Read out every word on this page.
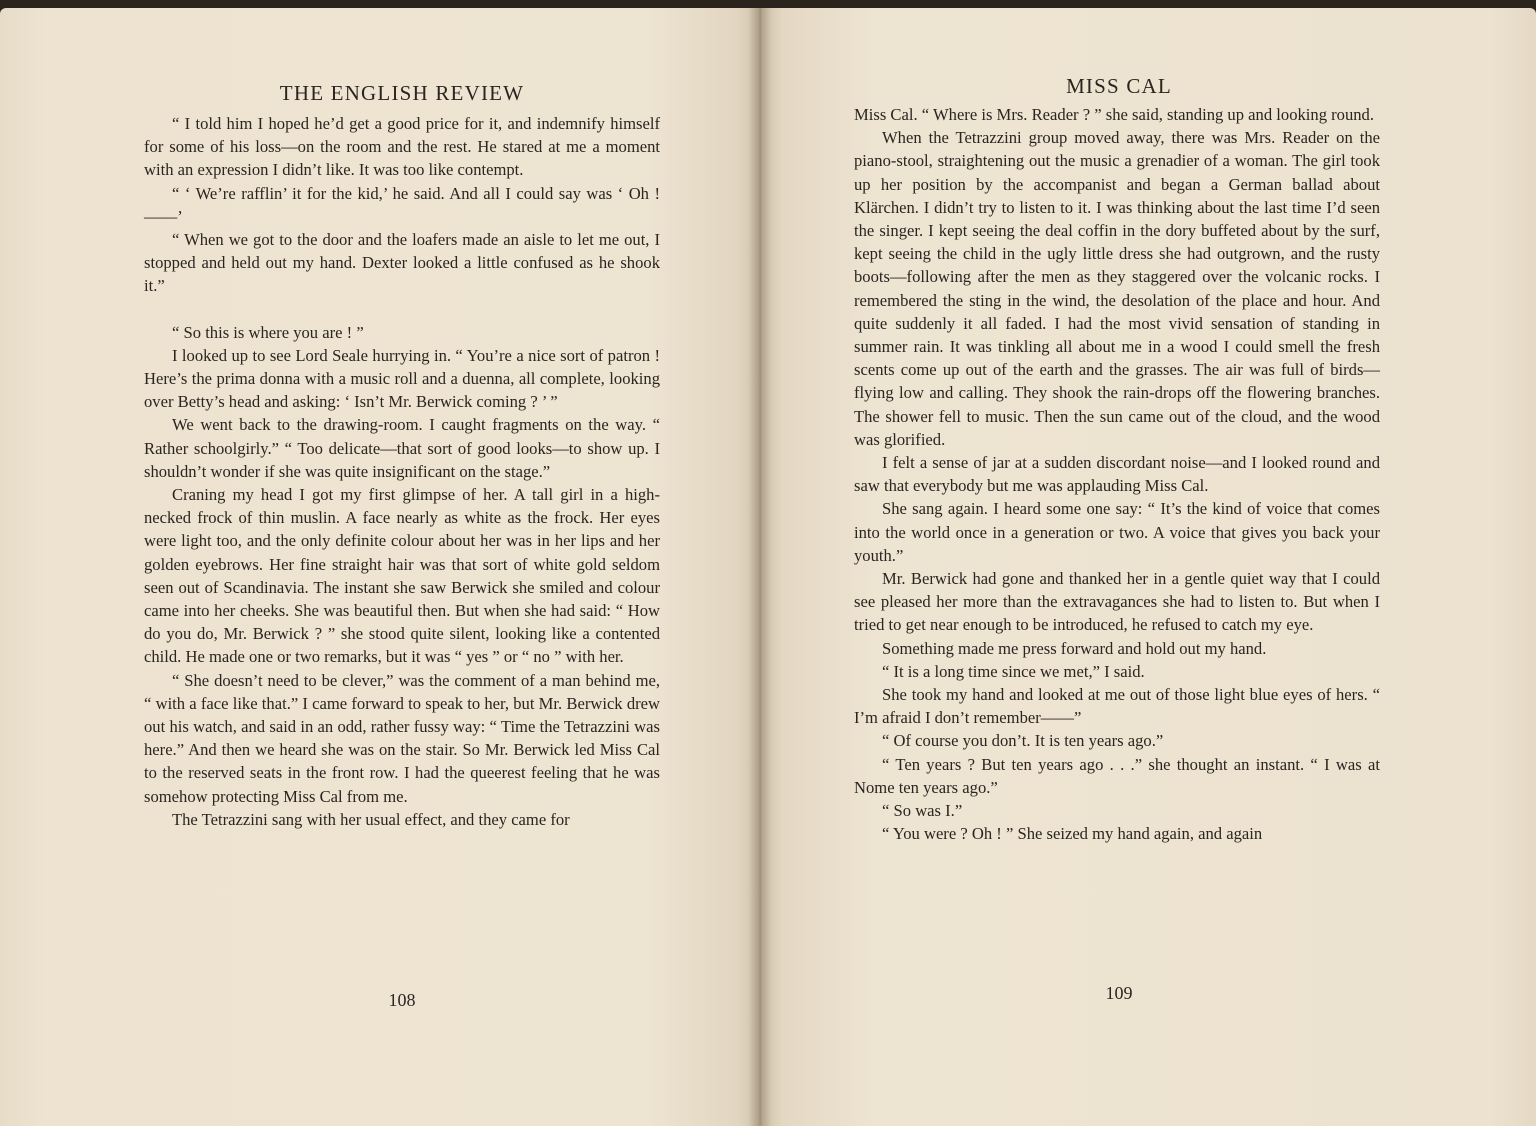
THE ENGLISH REVIEW

“ I told him I hoped he’d get a good price for it, and indemnify himself for some of his loss—on the room and the rest. He stared at me a moment with an expression I didn’t like. It was too like contempt.

“ ‘ We’re rafflin’ it for the kid,’ he said. And all I could say was ‘ Oh !——’

“ When we got to the door and the loafers made an aisle to let me out, I stopped and held out my hand. Dexter looked a little confused as he shook it.”

“ So this is where you are ! ”

I looked up to see Lord Seale hurrying in. “ You’re a nice sort of patron ! Here’s the prima donna with a music roll and a duenna, all complete, looking over Betty’s head and asking: ‘ Isn’t Mr. Berwick coming ? ’ ”

We went back to the drawing-room. I caught fragments on the way. “ Rather schoolgirly.” “ Too delicate—that sort of good looks—to show up. I shouldn’t wonder if she was quite insignificant on the stage.”

Craning my head I got my first glimpse of her. A tall girl in a high-necked frock of thin muslin. A face nearly as white as the frock. Her eyes were light too, and the only definite colour about her was in her lips and her golden eyebrows. Her fine straight hair was that sort of white gold seldom seen out of Scandinavia. The instant she saw Berwick she smiled and colour came into her cheeks. She was beautiful then. But when she had said: “ How do you do, Mr. Berwick ? ” she stood quite silent, looking like a contented child. He made one or two remarks, but it was “ yes ” or “ no ” with her.

“ She doesn’t need to be clever,” was the comment of a man behind me, “ with a face like that.” I came forward to speak to her, but Mr. Berwick drew out his watch, and said in an odd, rather fussy way: “ Time the Tetrazzini was here.” And then we heard she was on the stair. So Mr. Berwick led Miss Cal to the reserved seats in the front row. I had the queerest feeling that he was somehow protecting Miss Cal from me.

The Tetrazzini sang with her usual effect, and they came for

108
MISS CAL

Miss Cal. “ Where is Mrs. Reader ? ” she said, standing up and looking round.

When the Tetrazzini group moved away, there was Mrs. Reader on the piano-stool, straightening out the music a grenadier of a woman. The girl took up her position by the accompanist and began a German ballad about Klärchen. I didn’t try to listen to it. I was thinking about the last time I’d seen the singer. I kept seeing the deal coffin in the dory buffeted about by the surf, kept seeing the child in the ugly little dress she had outgrown, and the rusty boots—following after the men as they staggered over the volcanic rocks. I remembered the sting in the wind, the desolation of the place and hour. And quite suddenly it all faded. I had the most vivid sensation of standing in summer rain. It was tinkling all about me in a wood I could smell the fresh scents come up out of the earth and the grasses. The air was full of birds—flying low and calling. They shook the rain-drops off the flowering branches. The shower fell to music. Then the sun came out of the cloud, and the wood was glorified.

I felt a sense of jar at a sudden discordant noise—and I looked round and saw that everybody but me was applauding Miss Cal.

She sang again. I heard some one say: “ It’s the kind of voice that comes into the world once in a generation or two. A voice that gives you back your youth.”

Mr. Berwick had gone and thanked her in a gentle quiet way that I could see pleased her more than the extravagances she had to listen to. But when I tried to get near enough to be introduced, he refused to catch my eye.

Something made me press forward and hold out my hand.

“ It is a long time since we met,” I said.

She took my hand and looked at me out of those light blue eyes of hers. “ I’m afraid I don’t remember——”

“ Of course you don’t. It is ten years ago.”

“ Ten years ? But ten years ago . . .” she thought an instant. “ I was at Nome ten years ago.”

“ So was I.”

“ You were ? Oh ! ” She seized my hand again, and again

109
